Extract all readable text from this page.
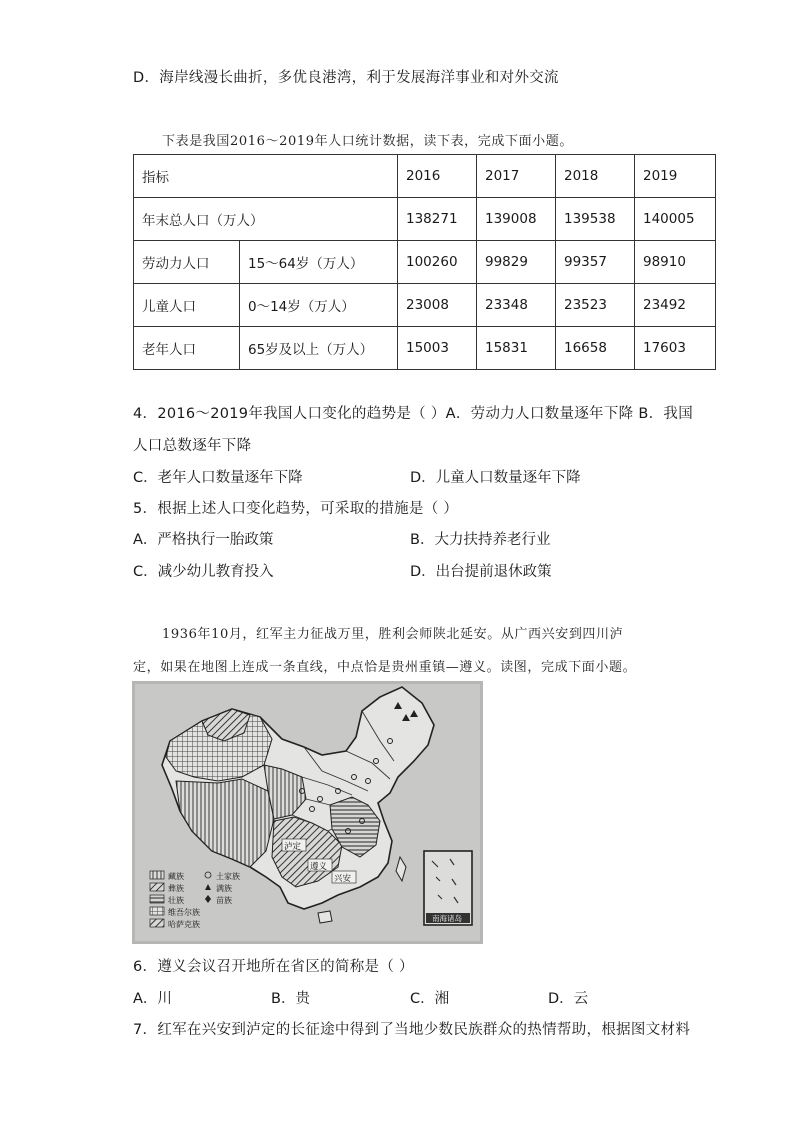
D．海岸线漫长曲折，多优良港湾，利于发展海洋事业和对外交流
下表是我国2016～2019年人口统计数据，读下表，完成下面小题。
指标		2016	2017	2018	2019
年末总人口（万人）		138271	139008	139538	140005
劳动力人口	15～64岁（万人）	100260	99829	99357	98910
儿童人口	0～14岁（万人）	23008	23348	23523	23492
老年人口	65岁及以上（万人）	15003	15831	16658	17603
4．2016～2019年我国人口变化的趋势是（ ）A．劳动力人口数量逐年下降 B．我国
人口总数逐年下降
C．老年人口数量逐年下降	D．儿童人口数量逐年下降
5．根据上述人口变化趋势，可采取的措施是（ ）
A．严格执行一胎政策	B．大力扶持养老行业
C．减少幼儿教育投入	D．出台提前退休政策
1936年10月，红军主力征战万里，胜利会师陕北延安。从广西兴安到四川泸
定，如果在地图上连成一条直线，中点恰是贵州重镇—遵义。读图，完成下面小题。
泸定
遵义
兴安
藏族
彝族
壮族
维吾尔族
哈萨克族
土家族
满族
苗族
南海诸岛
6．遵义会议召开地所在省区的简称是（ ）
A．川	B．贵	C．湘	D．云
7．红军在兴安到泸定的长征途中得到了当地少数民族群众的热情帮助，根据图文材料
